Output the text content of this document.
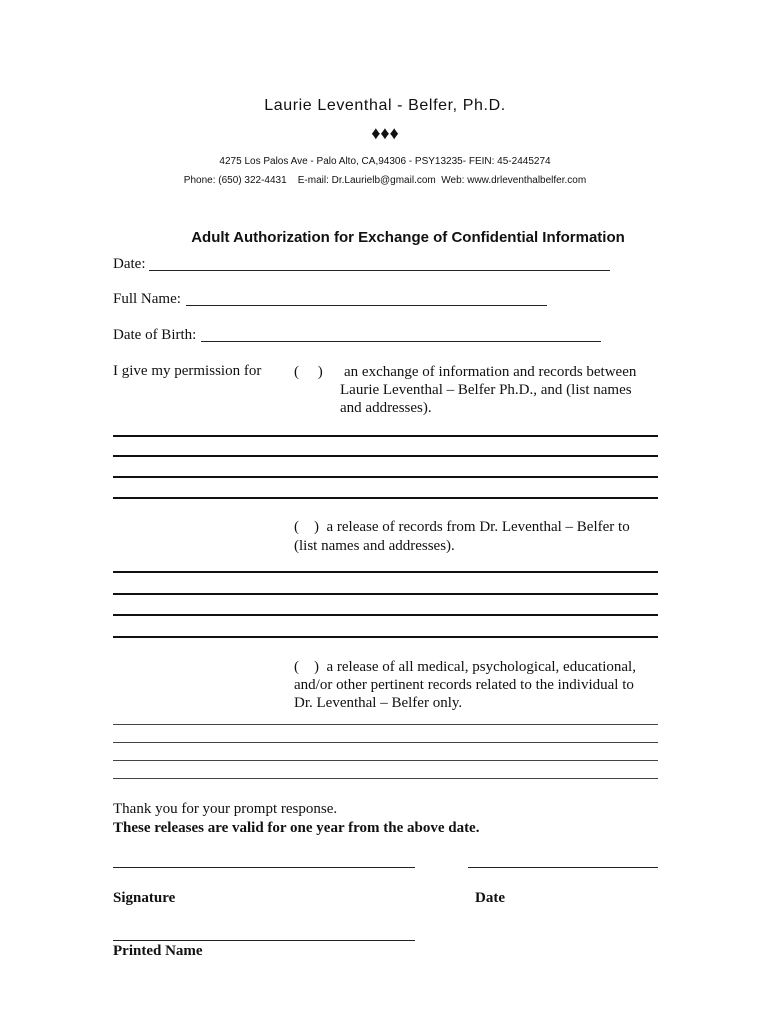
Laurie Leventhal - Belfer, Ph.D.
♦♦♦
4275 Los Palos Ave - Palo Alto, CA,94306 - PSY13235- FEIN: 45-2445274
Phone: (650) 322-4431    E-mail: Dr.Laurielb@gmail.com  Web: www.drleventhalbelfer.com
Adult Authorization for Exchange of Confidential Information
Date:
Full Name:
Date of Birth:
I give my permission for (     ) an exchange of information and records between
Laurie Leventhal – Belfer Ph.D., and (list names
and addresses).
(    )  a release of records from Dr. Leventhal – Belfer to
(list names and addresses).
(    )  a release of all medical, psychological, educational,
and/or other pertinent records related to the individual to
Dr. Leventhal – Belfer only.
Thank you for your prompt response.
These releases are valid for one year from the above date.
Signature	Date
Printed Name
